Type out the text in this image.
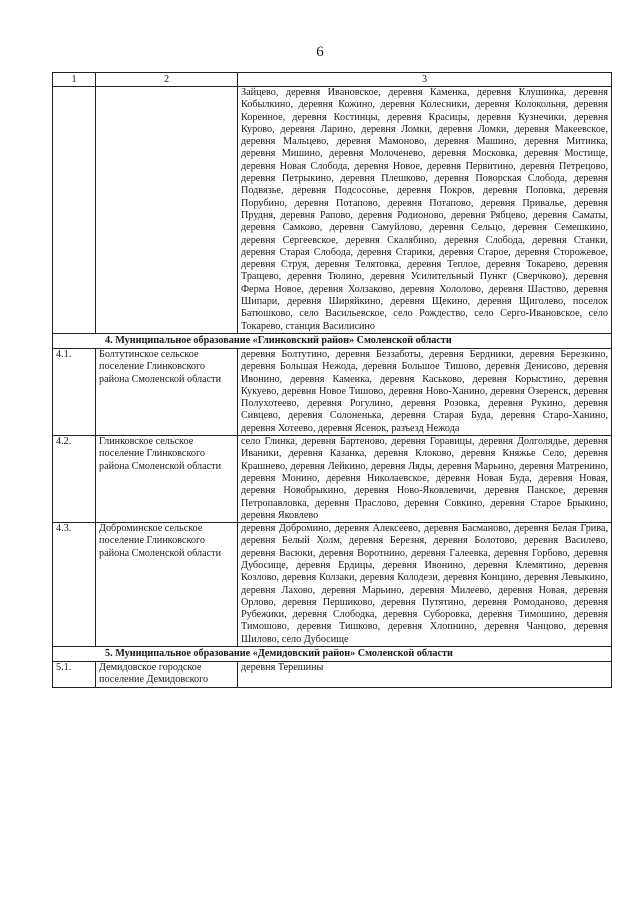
6
1	2	3
		Зайцево, деревня Ивановское, деревня Каменка, деревня Клушинка, деревня Кобылкино, деревня Кожино, деревня Колесники, деревня Колокольня, деревня Коренное, деревня Костинцы, деревня Красицы, деревня Кузнечики, деревня Курово, деревня Ларино, деревня Ломки, деревня Ломки, деревня Макеевское, деревня Мальцево, деревня Мамоново, деревня Машино, деревня Митинка, деревня Мишино, деревня Молоченево, деревня Московка, деревня Мостище, деревня Новая Слобода, деревня Новое, деревня Первитино, деревня Петрецово, деревня Петрыкино, деревня Плешково, деревня Поворская Слобода, деревня Подвязье, деревня Подсосонье, деревня Покров, деревня Поповка, деревня Порубино, деревня Потапово, деревня Потапово, деревня Привалье, деревня Прудня, деревня Рапово, деревня Родионово, деревня Рябцево, деревня Саматы, деревня Самково, деревня Самуйлово, деревня Сельцо, деревня Семешкино, деревня Сергеевское, деревня Скалябино, деревня Слобода, деревня Станки, деревня Старая Слобода, деревня Старики, деревня Старое, деревня Сторожевое, деревня Струя, деревня Телятовка, деревня Теплое, деревня Токарево, деревня Тращево, деревня Тюлино, деревня Усилительный Пункт (Сверчково), деревня Ферма Новое, деревня Холзаково, деревня Хололово, деревня Шастово, деревня Шипари, деревня Ширяйкино, деревня Щекино, деревня Щиголево, поселок Батюшково, село Васильевское, село Рождество, село Серго-Ивановское, село Токарево, станция Василисино
4. Муниципальное образование «Глинковский район» Смоленской области		
4.1.	Болтутинское сельское поселение Глинковского района Смоленской области	деревня Болтутино, деревня Беззаботы, деревня Бердники, деревня Березкино, деревня Большая Нежода, деревня Большое Тишово, деревня Денисово, деревня Ивонино, деревня Каменка, деревня Каськово, деревня Корыстино, деревня Кукуево, деревня Новое Тишово, деревня Ново-Ханино, деревня Озеренск, деревня Полухотеево, деревня Рогулино, деревня Розовка, деревня Рукино, деревня Сивцево, деревня Солоненька, деревня Старая Буда, деревня Старо-Ханино, деревня Хотеево, деревня Ясенок, разъезд Нежода
4.2.	Глинковское сельское поселение Глинковского района Смоленской области	село Глинка, деревня Бартеново, деревня Горавицы, деревня Долголядье, деревня Иваники, деревня Казанка, деревня Клоково, деревня Княжье Село, деревня Крашнево, деревня Лейкино, деревня Ляды, деревня Марьино, деревня Матренино, деревня Монино, деревня Николаевское, деревня Новая Буда, деревня Новая, деревня Новобрыкино, деревня Ново-Яковлевичи, деревня Панское, деревня Петропавловка, деревня Праслово, деревня Совкино, деревня Старое Брыкино, деревня Яковлево
4.3.	Доброминское сельское поселение Глинковского района Смоленской области	деревня Добромино, деревня Алексеево, деревня Басманово, деревня Белая Грива, деревня Белый Холм, деревня Березня, деревня Болотово, деревня Василево, деревня Васюки, деревня Воротнино, деревня Галеевка, деревня Горбово, деревня Дубосище, деревня Ердицы, деревня Ивонино, деревня Клемятино, деревня Козлово, деревня Колзаки, деревня Колодези, деревня Концино, деревня Левыкино, деревня Лахово, деревня Марьино, деревня Милеево, деревня Новая, деревня Орлово, деревня Першиково, деревня Путятино, деревня Ромоданово, деревня Рубежики, деревня Слободка, деревня Суборовка, деревня Тимошино, деревня Тимошово, деревня Тишково, деревня Хлопнино, деревня Чанцово, деревня Шилово, село Дубосище
5. Муниципальное образование «Демидовский район» Смоленской области		
5.1.	Демидовское городское поселение Демидовского	деревня Терешины
